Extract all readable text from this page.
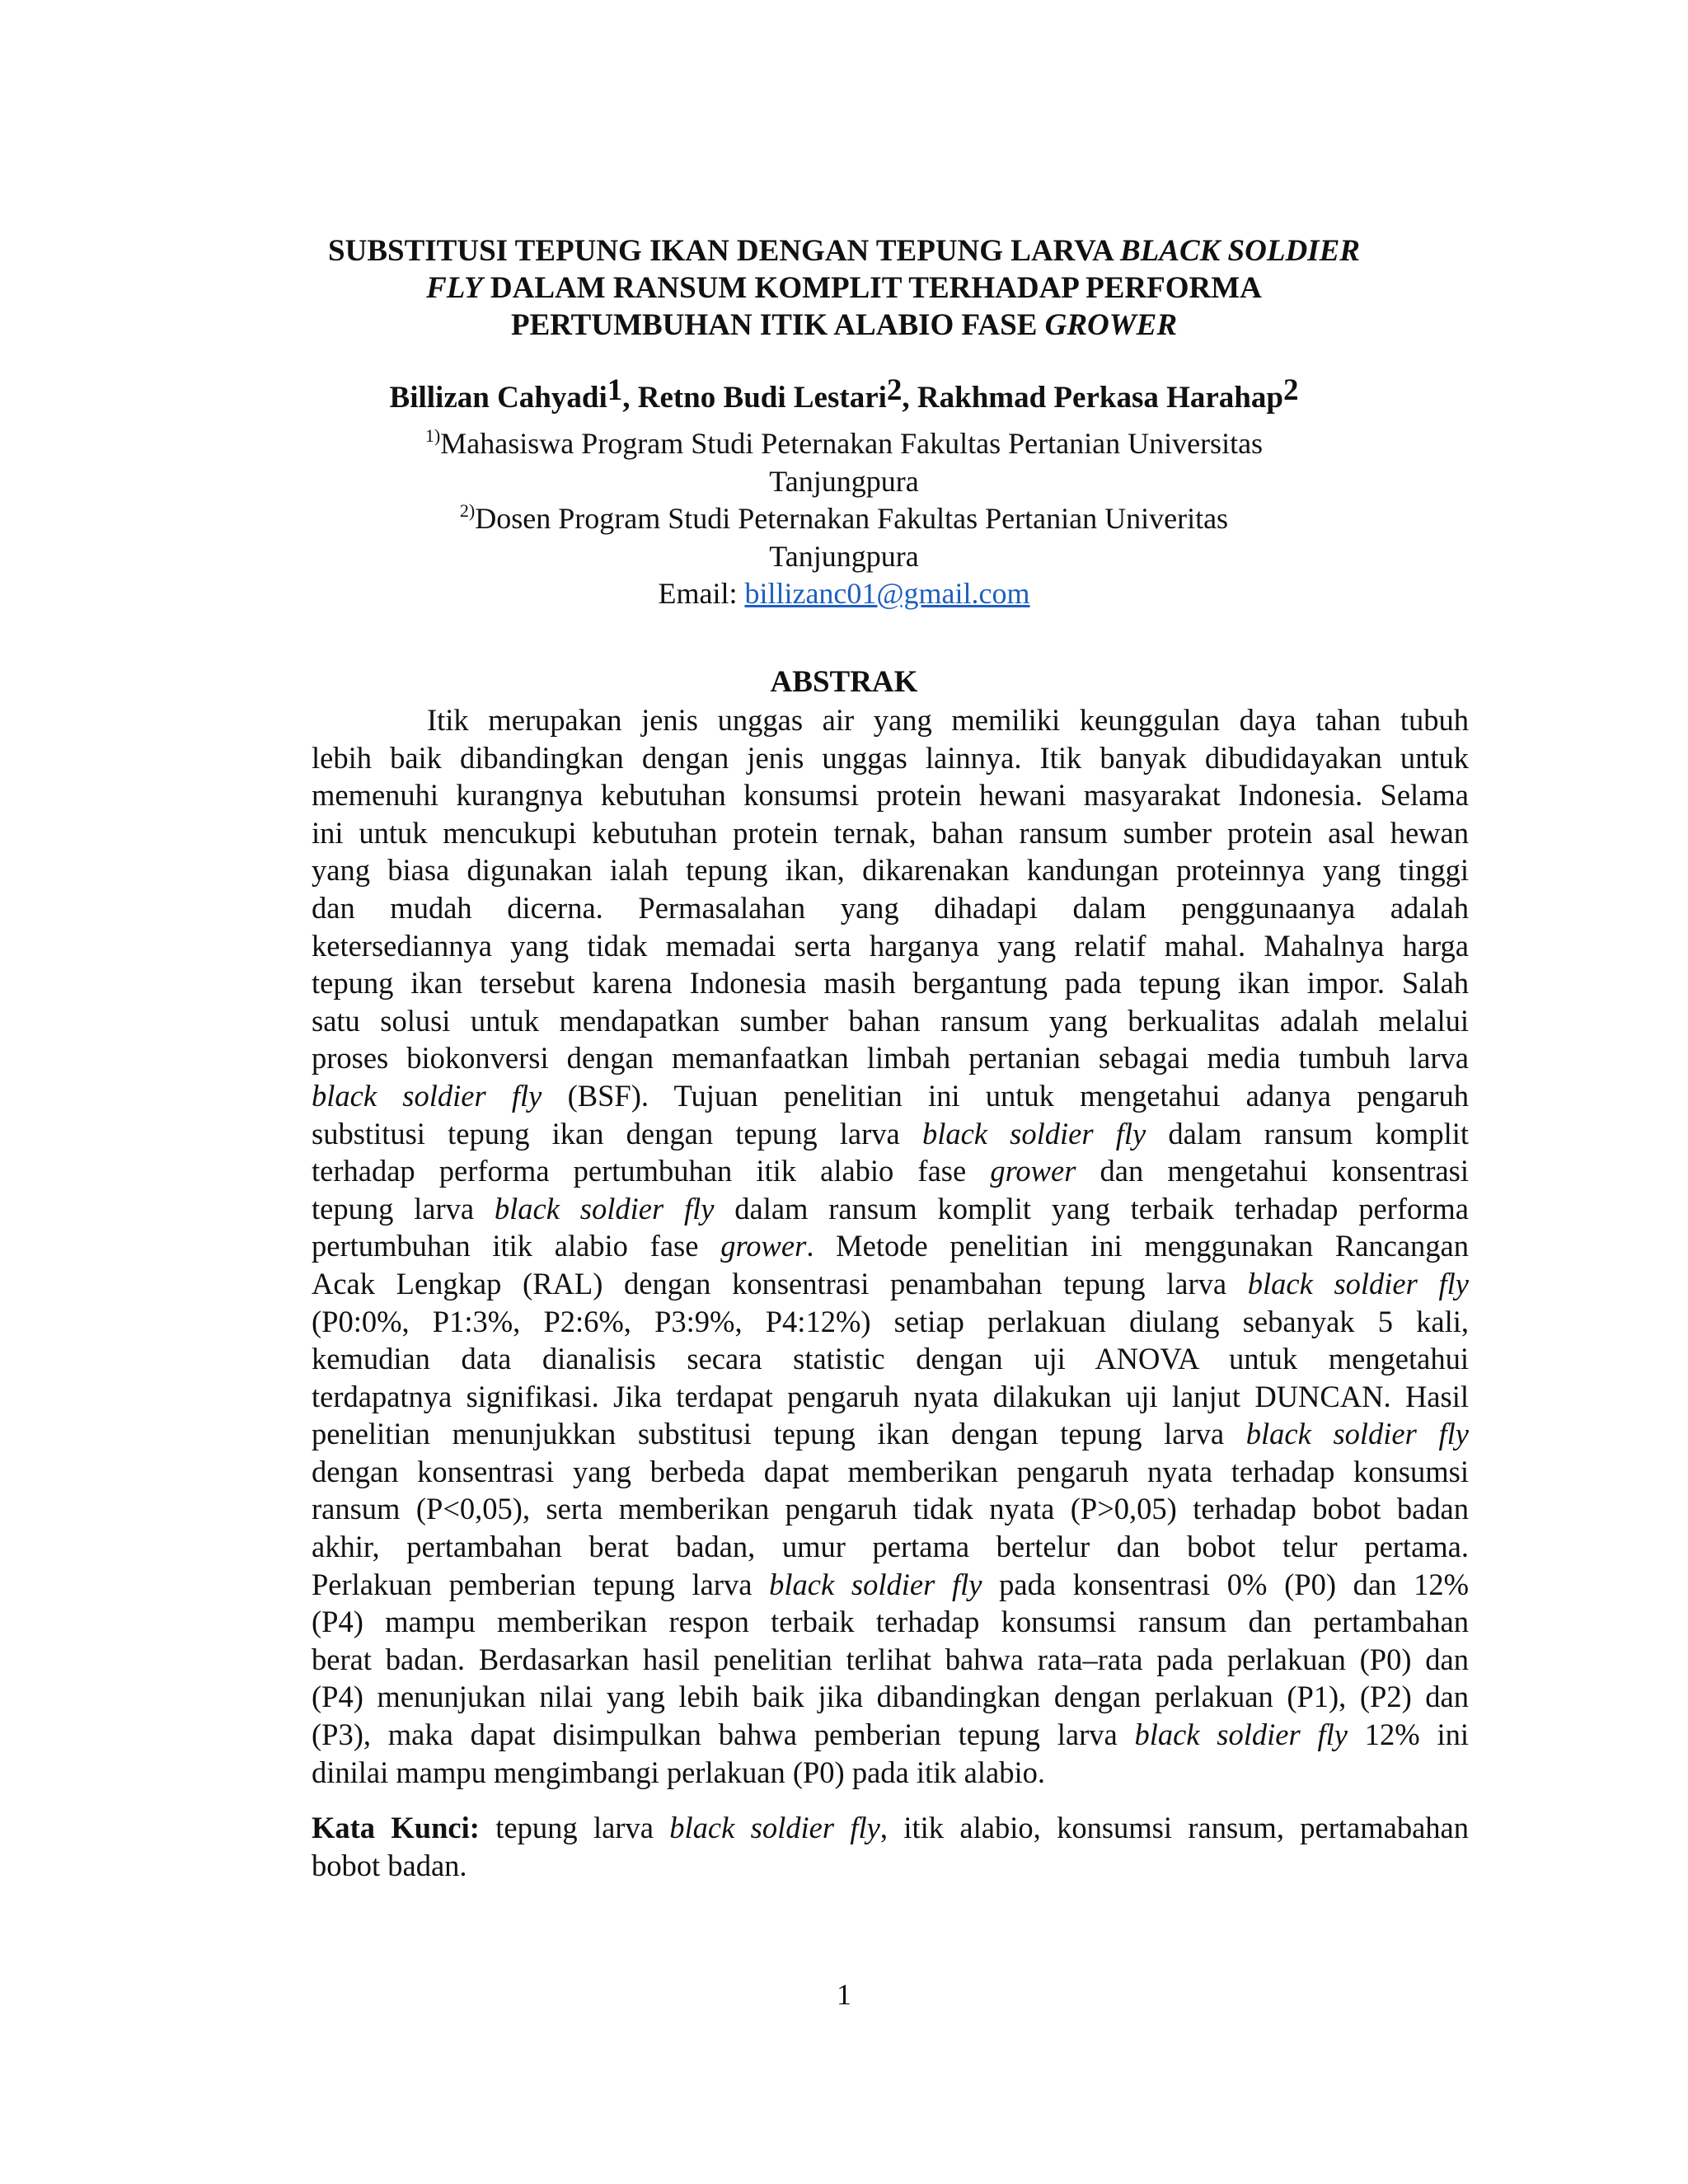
SUBSTITUSI TEPUNG IKAN DENGAN TEPUNG LARVA BLACK SOLDIER
FLY DALAM RANSUM KOMPLIT TERHADAP PERFORMA
PERTUMBUHAN ITIK ALABIO FASE GROWER
Billizan Cahyadi$^1$, Retno Budi Lestari$^2$, Rakhmad Perkasa Harahap$^2$
$^{1)}$Mahasiswa Program Studi Peternakan Fakultas Pertanian Universitas
Tanjungpura
$^{2)}$Dosen Program Studi Peternakan Fakultas Pertanian Univeritas
Tanjungpura
Email: billizanc01@gmail.com
ABSTRAK
Itik merupakan jenis unggas air yang memiliki keunggulan daya tahan tubuh
lebih baik dibandingkan dengan jenis unggas lainnya. Itik banyak dibudidayakan untuk
memenuhi kurangnya kebutuhan konsumsi protein hewani masyarakat Indonesia. Selama
ini untuk mencukupi kebutuhan protein ternak, bahan ransum sumber protein asal hewan
yang biasa digunakan ialah tepung ikan, dikarenakan kandungan proteinnya yang tinggi
dan mudah dicerna. Permasalahan yang dihadapi dalam penggunaanya adalah
ketersediannya yang tidak memadai serta harganya yang relatif mahal. Mahalnya harga
tepung ikan tersebut karena Indonesia masih bergantung pada tepung ikan impor. Salah
satu solusi untuk mendapatkan sumber bahan ransum yang berkualitas adalah melalui
proses biokonversi dengan memanfaatkan limbah pertanian sebagai media tumbuh larva
black soldier fly (BSF). Tujuan penelitian ini untuk mengetahui adanya pengaruh
substitusi tepung ikan dengan tepung larva black soldier fly dalam ransum komplit
terhadap performa pertumbuhan itik alabio fase grower dan mengetahui konsentrasi
tepung larva black soldier fly dalam ransum komplit yang terbaik terhadap performa
pertumbuhan itik alabio fase grower. Metode penelitian ini menggunakan Rancangan
Acak Lengkap (RAL) dengan konsentrasi penambahan tepung larva black soldier fly
(P0:0%, P1:3%, P2:6%, P3:9%, P4:12%) setiap perlakuan diulang sebanyak 5 kali,
kemudian data dianalisis secara statistic dengan uji ANOVA untuk mengetahui
terdapatnya signifikasi. Jika terdapat pengaruh nyata dilakukan uji lanjut DUNCAN. Hasil
penelitian menunjukkan substitusi tepung ikan dengan tepung larva black soldier fly
dengan konsentrasi yang berbeda dapat memberikan pengaruh nyata terhadap konsumsi
ransum (P<0,05), serta memberikan pengaruh tidak nyata (P>0,05) terhadap bobot badan
akhir, pertambahan berat badan, umur pertama bertelur dan bobot telur pertama.
Perlakuan pemberian tepung larva black soldier fly pada konsentrasi 0% (P0) dan 12%
(P4) mampu memberikan respon terbaik terhadap konsumsi ransum dan pertambahan
berat badan. Berdasarkan hasil penelitian terlihat bahwa rata–rata pada perlakuan (P0) dan
(P4) menunjukan nilai yang lebih baik jika dibandingkan dengan perlakuan (P1), (P2) dan
(P3), maka dapat disimpulkan bahwa pemberian tepung larva black soldier fly 12% ini
dinilai mampu mengimbangi perlakuan (P0) pada itik alabio.
Kata Kunci: tepung larva black soldier fly, itik alabio, konsumsi ransum, pertamabahan
bobot badan.
1
